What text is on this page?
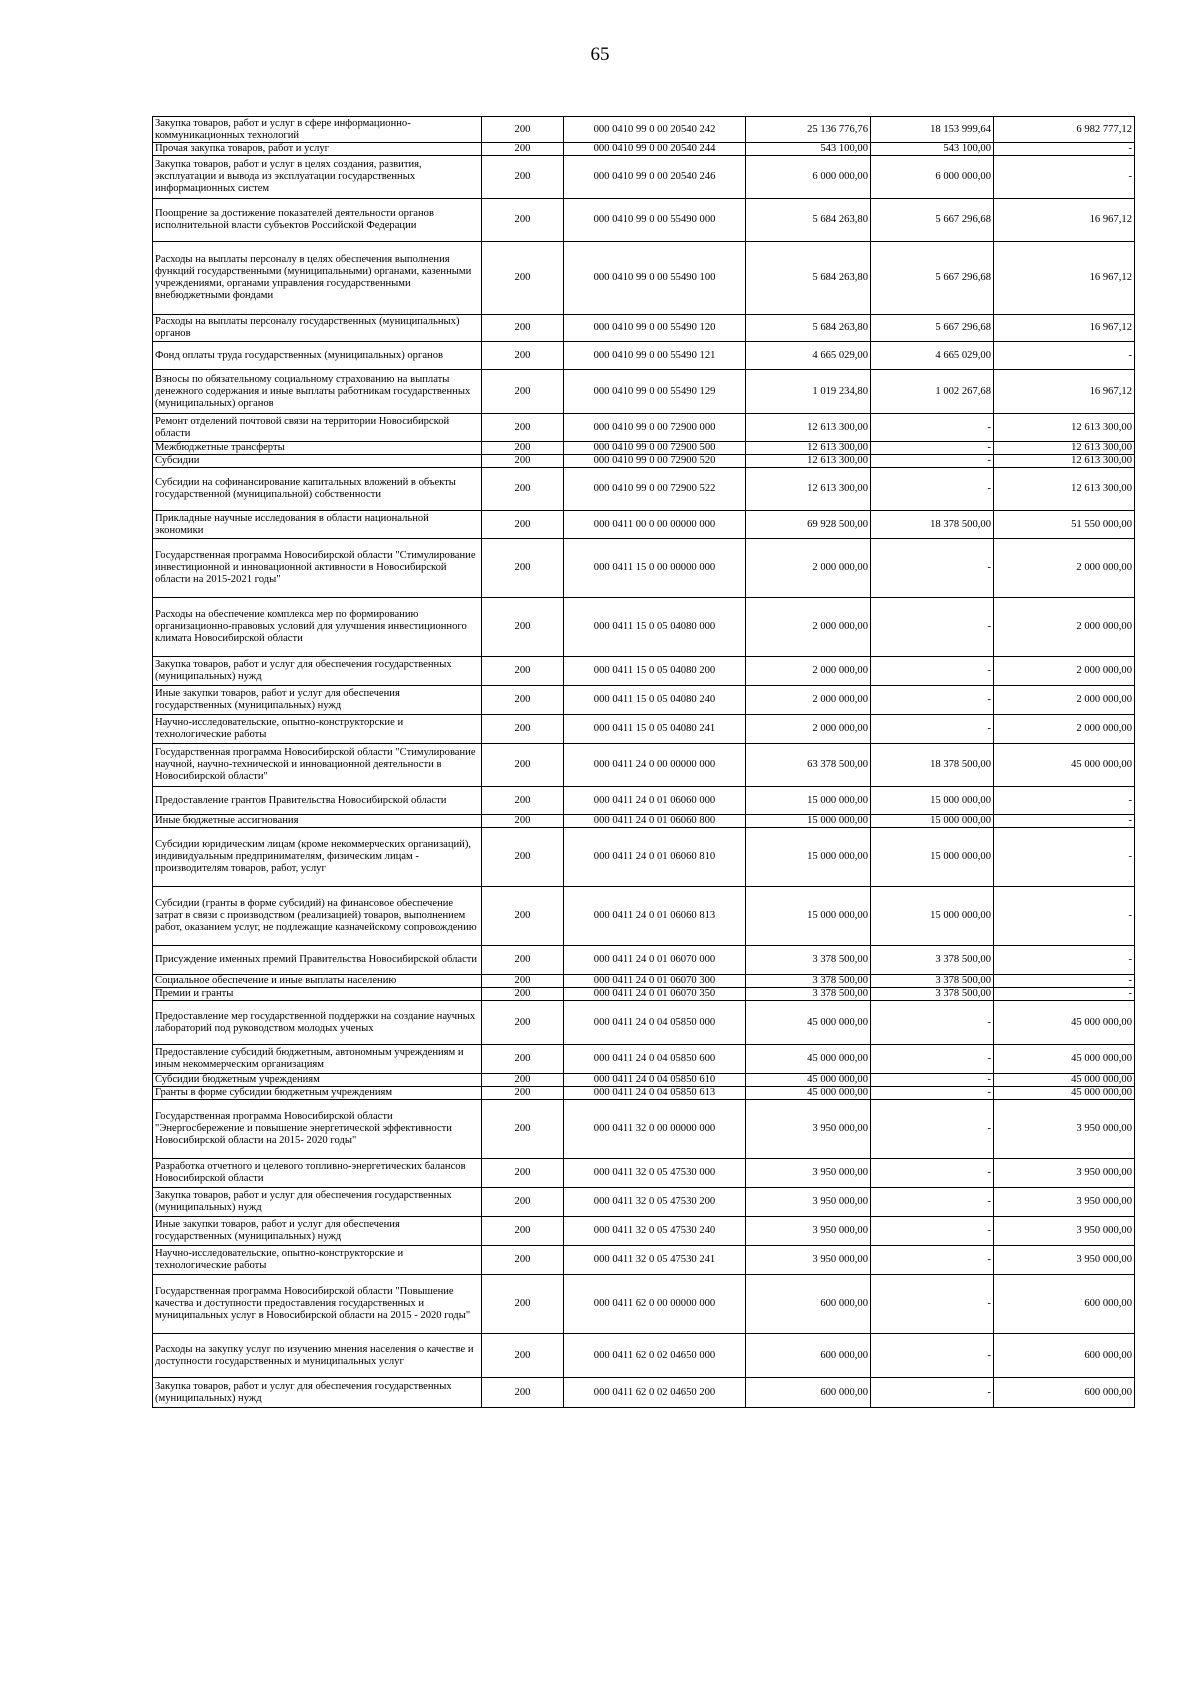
65
Закупка товаров, работ и услуг в сфере информационно-коммуникационных технологий	200	000 0410 99 0 00 20540 242	25 136 776,76	18 153 999,64	6 982 777,12
Прочая закупка товаров, работ и услуг	200	000 0410 99 0 00 20540 244	543 100,00	543 100,00	-
Закупка товаров, работ и услуг в целях создания, развития, эксплуатации и вывода из эксплуатации государственных информационных систем	200	000 0410 99 0 00 20540 246	6 000 000,00	6 000 000,00	-
Поощрение за достижение показателей деятельности органов исполнительной власти субъектов Российской Федерации	200	000 0410 99 0 00 55490 000	5 684 263,80	5 667 296,68	16 967,12
Расходы на выплаты персоналу в целях обеспечения выполнения функций государственными (муниципальными) органами, казенными учреждениями, органами управления государственными внебюджетными фондами	200	000 0410 99 0 00 55490 100	5 684 263,80	5 667 296,68	16 967,12
Расходы на выплаты персоналу государственных (муниципальных) органов	200	000 0410 99 0 00 55490 120	5 684 263,80	5 667 296,68	16 967,12
Фонд оплаты труда государственных (муниципальных) органов	200	000 0410 99 0 00 55490 121	4 665 029,00	4 665 029,00	-
Взносы по обязательному социальному страхованию на выплаты денежного содержания и иные выплаты работникам государственных (муниципальных) органов	200	000 0410 99 0 00 55490 129	1 019 234,80	1 002 267,68	16 967,12
Ремонт отделений почтовой связи на территории Новосибирской области	200	000 0410 99 0 00 72900 000	12 613 300,00	-	12 613 300,00
Межбюджетные трансферты	200	000 0410 99 0 00 72900 500	12 613 300,00	-	12 613 300,00
Субсидии	200	000 0410 99 0 00 72900 520	12 613 300,00	-	12 613 300,00
Субсидии на софинансирование капитальных вложений в объекты государственной (муниципальной) собственности	200	000 0410 99 0 00 72900 522	12 613 300,00	-	12 613 300,00
Прикладные научные исследования в области национальной экономики	200	000 0411 00 0 00 00000 000	69 928 500,00	18 378 500,00	51 550 000,00
Государственная программа Новосибирской области "Стимулирование инвестиционной и инновационной активности в Новосибирской области на 2015-2021 годы"	200	000 0411 15 0 00 00000 000	2 000 000,00	-	2 000 000,00
Расходы на обеспечение комплекса мер по формированию организационно-правовых условий для улучшения инвестиционного климата Новосибирской области	200	000 0411 15 0 05 04080 000	2 000 000,00	-	2 000 000,00
Закупка товаров, работ и услуг для обеспечения государственных (муниципальных) нужд	200	000 0411 15 0 05 04080 200	2 000 000,00	-	2 000 000,00
Иные закупки товаров, работ и услуг для обеспечения государственных (муниципальных) нужд	200	000 0411 15 0 05 04080 240	2 000 000,00	-	2 000 000,00
Научно-исследовательские, опытно-конструкторские и технологические работы	200	000 0411 15 0 05 04080 241	2 000 000,00	-	2 000 000,00
Государственная программа Новосибирской области "Стимулирование научной, научно-технической и инновационной деятельности в Новосибирской области"	200	000 0411 24 0 00 00000 000	63 378 500,00	18 378 500,00	45 000 000,00
Предоставление грантов Правительства Новосибирской области	200	000 0411 24 0 01 06060 000	15 000 000,00	15 000 000,00	-
Иные бюджетные ассигнования	200	000 0411 24 0 01 06060 800	15 000 000,00	15 000 000,00	-
Субсидии юридическим лицам (кроме некоммерческих организаций), индивидуальным предпринимателям, физическим лицам - производителям товаров, работ, услуг	200	000 0411 24 0 01 06060 810	15 000 000,00	15 000 000,00	-
Субсидии (гранты в форме субсидий) на финансовое обеспечение затрат в связи с производством (реализацией) товаров, выполнением работ, оказанием услуг, не подлежащие казначейскому сопровождению	200	000 0411 24 0 01 06060 813	15 000 000,00	15 000 000,00	-
Присуждение именных премий Правительства Новосибирской области	200	000 0411 24 0 01 06070 000	3 378 500,00	3 378 500,00	-
Социальное обеспечение и иные выплаты населению	200	000 0411 24 0 01 06070 300	3 378 500,00	3 378 500,00	-
Премии и гранты	200	000 0411 24 0 01 06070 350	3 378 500,00	3 378 500,00	-
Предоставление мер государственной поддержки на создание научных лабораторий под руководством молодых ученых	200	000 0411 24 0 04 05850 000	45 000 000,00	-	45 000 000,00
Предоставление субсидий бюджетным, автономным учреждениям и иным некоммерческим организациям	200	000 0411 24 0 04 05850 600	45 000 000,00	-	45 000 000,00
Субсидии бюджетным учреждениям	200	000 0411 24 0 04 05850 610	45 000 000,00	-	45 000 000,00
Гранты в форме субсидии бюджетным учреждениям	200	000 0411 24 0 04 05850 613	45 000 000,00	-	45 000 000,00
Государственная программа Новосибирской области "Энергосбережение и повышение энергетической эффективности Новосибирской области на 2015- 2020 годы"	200	000 0411 32 0 00 00000 000	3 950 000,00	-	3 950 000,00
Разработка отчетного и целевого топливно-энергетических балансов Новосибирской области	200	000 0411 32 0 05 47530 000	3 950 000,00	-	3 950 000,00
Закупка товаров, работ и услуг для обеспечения государственных (муниципальных) нужд	200	000 0411 32 0 05 47530 200	3 950 000,00	-	3 950 000,00
Иные закупки товаров, работ и услуг для обеспечения государственных (муниципальных) нужд	200	000 0411 32 0 05 47530 240	3 950 000,00	-	3 950 000,00
Научно-исследовательские, опытно-конструкторские и технологические работы	200	000 0411 32 0 05 47530 241	3 950 000,00	-	3 950 000,00
Государственная программа Новосибирской области "Повышение качества и доступности предоставления государственных и муниципальных услуг в Новосибирской области на 2015 - 2020 годы"	200	000 0411 62 0 00 00000 000	600 000,00	-	600 000,00
Расходы на закупку услуг по изучению мнения населения о качестве и доступности государственных и муниципальных услуг	200	000 0411 62 0 02 04650 000	600 000,00	-	600 000,00
Закупка товаров, работ и услуг для обеспечения государственных (муниципальных) нужд	200	000 0411 62 0 02 04650 200	600 000,00	-	600 000,00
